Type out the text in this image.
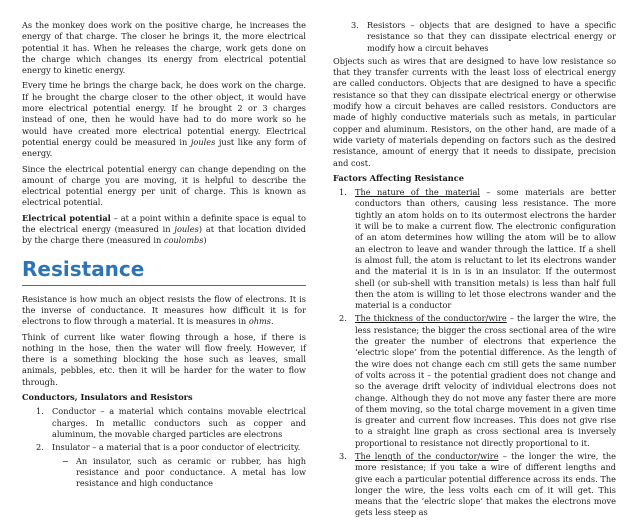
As the monkey does work on the positive charge, he increases the energy of that charge. The closer he brings it, the more electrical potential it has. When he releases the charge, work gets done on the charge which changes its energy from electrical potential energy to kinetic energy.

Every time he brings the charge back, he does work on the charge. If he brought the charge closer to the other object, it would have more electrical potential energy. If he brought 2 or 3 charges instead of one, then he would have had to do more work so he would have created more electrical potential energy. Electrical potential energy could be measured in joules just like any form of energy.

Since the electrical potential energy can change depending on the amount of charge you are moving, it is helpful to describe the electrical potential energy per unit of charge. This is known as electrical potential.

Electrical potential – at a point within a definite space is equal to the electrical energy (measured in joules) at that location divided by the charge there (measured in coulombs)

Resistance

Resistance is how much an object resists the flow of electrons. It is the inverse of conductance. It measures how difficult it is for electrons to flow through a material. It is measures in ohms.

Think of current like water flowing through a hose, if there is nothing in the hose, then the water will flow freely. However, if there is a something blocking the hose such as leaves, small animals, pebbles, etc. then it will be harder for the water to flow through.

Conductors, Insulators and Resistors
1. Conductor – a material which contains movable electrical charges. In metallic conductors such as copper and aluminum, the movable charged particles are electrons
2. Insulator – a material that is a poor conductor of electricity.
− An insulator, such as ceramic or rubber, has high resistance and poor conductance. A metal has low resistance and high conductance
3. Resistors – objects that are designed to have a specific resistance so that they can dissipate electrical energy or modify how a circuit behaves

Objects such as wires that are designed to have low resistance so that they transfer currents with the least loss of electrical energy are called conductors. Objects that are designed to have a specific resistance so that they can dissipate electrical energy or otherwise modify how a circuit behaves are called resistors. Conductors are made of highly conductive materials such as metals, in particular copper and aluminum. Resistors, on the other hand, are made of a wide variety of materials depending on factors such as the desired resistance, amount of energy that it needs to dissipate, precision and cost.

Factors Affecting Resistance
1. The nature of the material – some materials are better conductors than others, causing less resistance. The more tightly an atom holds on to its outermost electrons the harder it will be to make a current flow. The electronic configuration of an atom determines how willing the atom will be to allow an electron to leave and wander through the lattice. If a shell is almost full, the atom is reluctant to let its electrons wander and the material it is in is in an insulator. If the outermost shell (or sub-shell with transition metals) is less than half full then the atom is willing to let those electrons wander and the material is a conductor
2. The thickness of the conductor/wire – the larger the wire, the less resistance; the bigger the cross sectional area of the wire the greater the number of electrons that experience the ‘electric slope’ from the potential difference. As the length of the wire does not change each cm still gets the same number of volts across it – the potential gradient does not change and so the average drift velocity of individual electrons does not change. Although they do not move any faster there are more of them moving, so the total charge movement in a given time is greater and current flow increases. This does not give rise to a straight line graph as cross sectional area is inversely proportional to resistance not directly proportional to it.
3. The length of the conductor/wire – the longer the wire, the more resistance; if you take a wire of different lengths and give each a particular potential difference across its ends. The longer the wire, the less volts each cm of it will get. This means that the ‘electric slope’ that makes the electrons move gets less steep as
